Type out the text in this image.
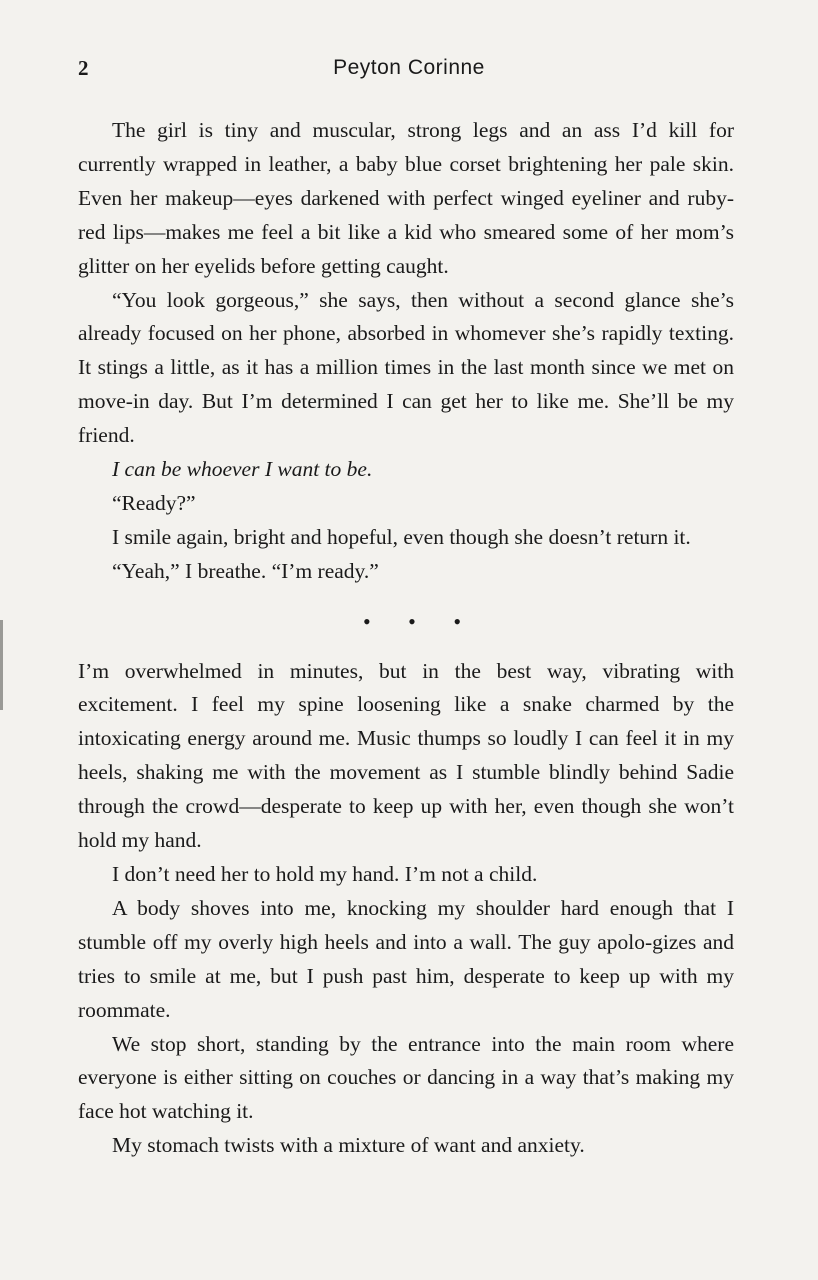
2	Peyton Corinne

The girl is tiny and muscular, strong legs and an ass I’d kill for currently wrapped in leather, a baby blue corset brightening her pale skin. Even her makeup—eyes darkened with perfect winged eyeliner and ruby-red lips—makes me feel a bit like a kid who smeared some of her mom’s glitter on her eyelids before getting caught.

“You look gorgeous,” she says, then without a second glance she’s already focused on her phone, absorbed in whomever she’s rapidly texting. It stings a little, as it has a million times in the last month since we met on move-in day. But I’m determined I can get her to like me. She’ll be my friend.

I can be whoever I want to be.

“Ready?”

I smile again, bright and hopeful, even though she doesn’t return it.

“Yeah,” I breathe. “I’m ready.”

• • •

I’m overwhelmed in minutes, but in the best way, vibrating with excitement. I feel my spine loosening like a snake charmed by the intoxicating energy around me. Music thumps so loudly I can feel it in my heels, shaking me with the movement as I stumble blindly behind Sadie through the crowd—desperate to keep up with her, even though she won’t hold my hand.

I don’t need her to hold my hand. I’m not a child.

A body shoves into me, knocking my shoulder hard enough that I stumble off my overly high heels and into a wall. The guy apolo-gizes and tries to smile at me, but I push past him, desperate to keep up with my roommate.

We stop short, standing by the entrance into the main room where everyone is either sitting on couches or dancing in a way that’s making my face hot watching it.

My stomach twists with a mixture of want and anxiety.
